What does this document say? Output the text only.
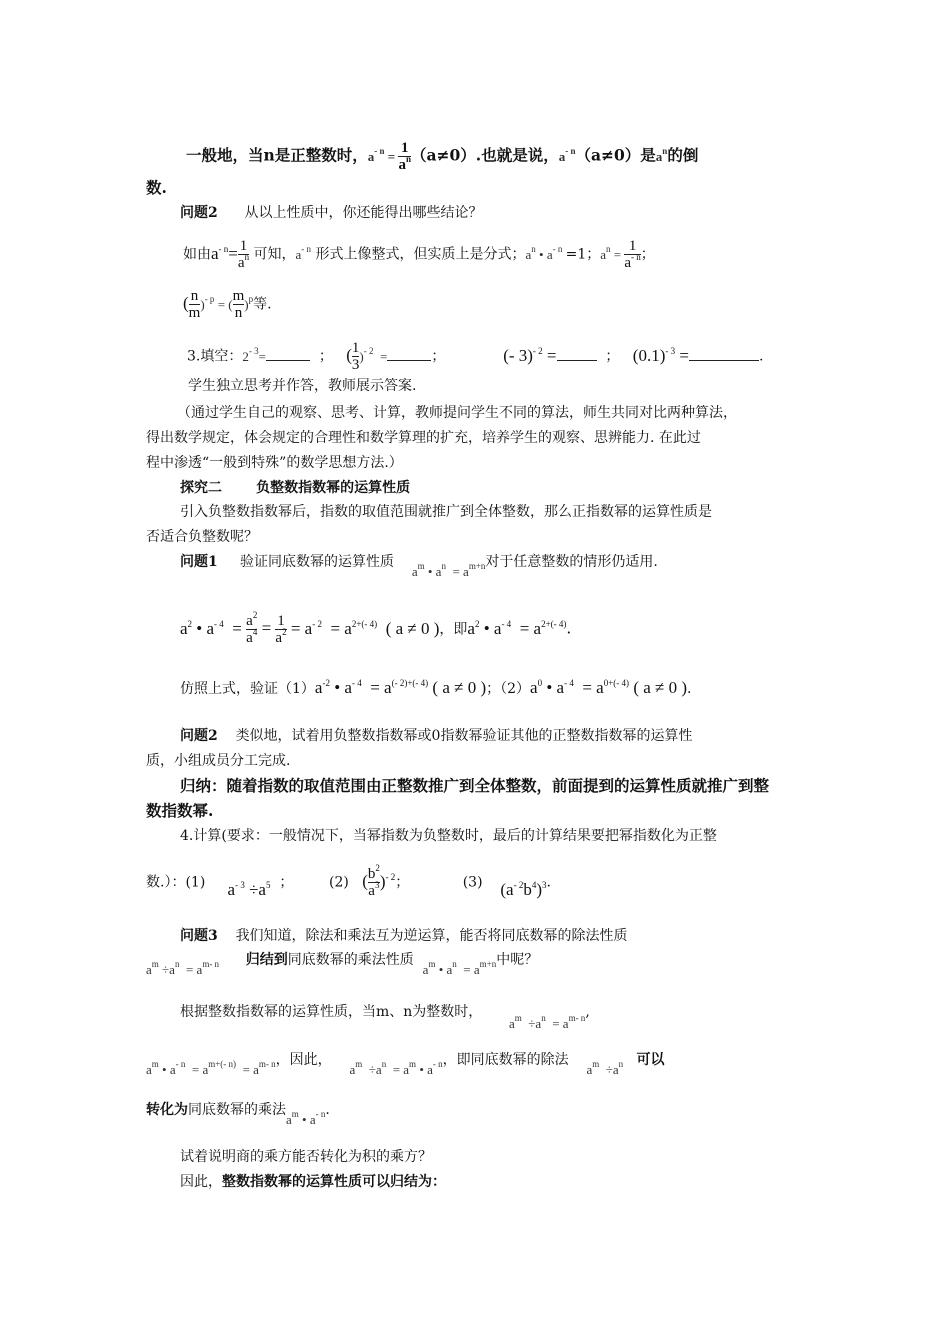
一般地，当n是正整数时，$a^{- n} = \frac{1}{a^n} (a\ne 0)$.也就是说，$a^{- n}(a\ne 0)$是$a^n$的倒
数.
问题2 从以上性质中，你还能得出哪些结论？
如由$a^{- n}= \frac{1}{a^n}$ 可知，$a^{- n}$ 形式上像整式，但实质上是分式；$a^n$ • $a^{- n} =1$；$a^n = \frac{1}{a^{- n}}$ ；
( $\frac{n}{m} )^{- p}$ = ( $\frac{m}{n} )^p$等.
3.填空：$2^{- 3}=$	； ( $\frac{1}{3} )^{- 2}$  =	；	(- 3)$^{- 2}$ =	； $(0.1)^{- 3}$ =	.
学生独立思考并作答，教师展示答案.
（通过学生自己的观察、思考、计算，教师提问学生不同的算法，师生共同对比两种算法，
得出数学规定，体会规定的合理性和数学算理的扩充，培养学生的观察、思辨能力. 在此过
程中渗透“一般到特殊”的数学思想方法.）
探究二 负整数指数幂的运算性质
引入负整数指数幂后，指数的取值范围就推广到全体整数，那么正指数幂的运算性质是
否适合负整数呢？
问题1 验证同底数幂的运算性质    $a^m$ • $a^n = a^{m+n}$对于任意整数的情形仍适用.
$a^2$ • $a^{- 4} = \frac{a^2}{a^4} = \frac{1}{a^2} = a^{- 2} = a^{2+(- 4)}$  ( a ≠ 0 )，即$a^2$ • $a^{- 4} = a^{2+(- 4)}$.
仿照上式，验证$(1)a^{-2}$ • $a^{- 4} = a^{(- 2)+(- 4)}$ ( a ≠ 0 )；$(2)a^0$ • $a^{- 4} = a^{0+(- 4)}$ ( a ≠ 0 ).
问题2 类似地，试着用负整数指数幂或0指数幂验证其他的正整数指数幂的运算性
质，小组成员分工完成.
归纳：随着指数的取值范围由正整数推广到全体整数，前面提到的运算性质就推广到整
数指数幂.
4.计算(要求：一般情况下，当幂指数为负整数时，最后的计算结果要把幂指数化为正整
数.）：(1) $a^{- 3} \div a^5$  ；        (2) ( $\frac{b^2}{a^3} )^{- 2}$；            (3) $(a^{- 2}b^4)^3$.
问题3 我们知道，除法和乘法互为逆运算，能否将同底数幂的除法性质
$a^m \div a^n = a^{m- n}$ 归结到同底数幂的乘法性质  $a^m$ • $a^n = a^{m+n}$中呢？
根据整数指数幂的运算性质，当m、n为整数时，      $a^m \div a^n = a^{m- n}$,
$a^m$ • $a^{- n} = a^{m+(- n)} = a^{m- n}$，因此，    $a^m \div a^n = a^m$ • $a^{- n}$，即同底数幂的除法    $a^m \div a^n$ 可以
转化为同底数幂的乘法$a^m$ • $a^{- n}$.
试着说明商的乘方能否转化为积的乘方？
因此，整数指数幂的运算性质可以归结为：
